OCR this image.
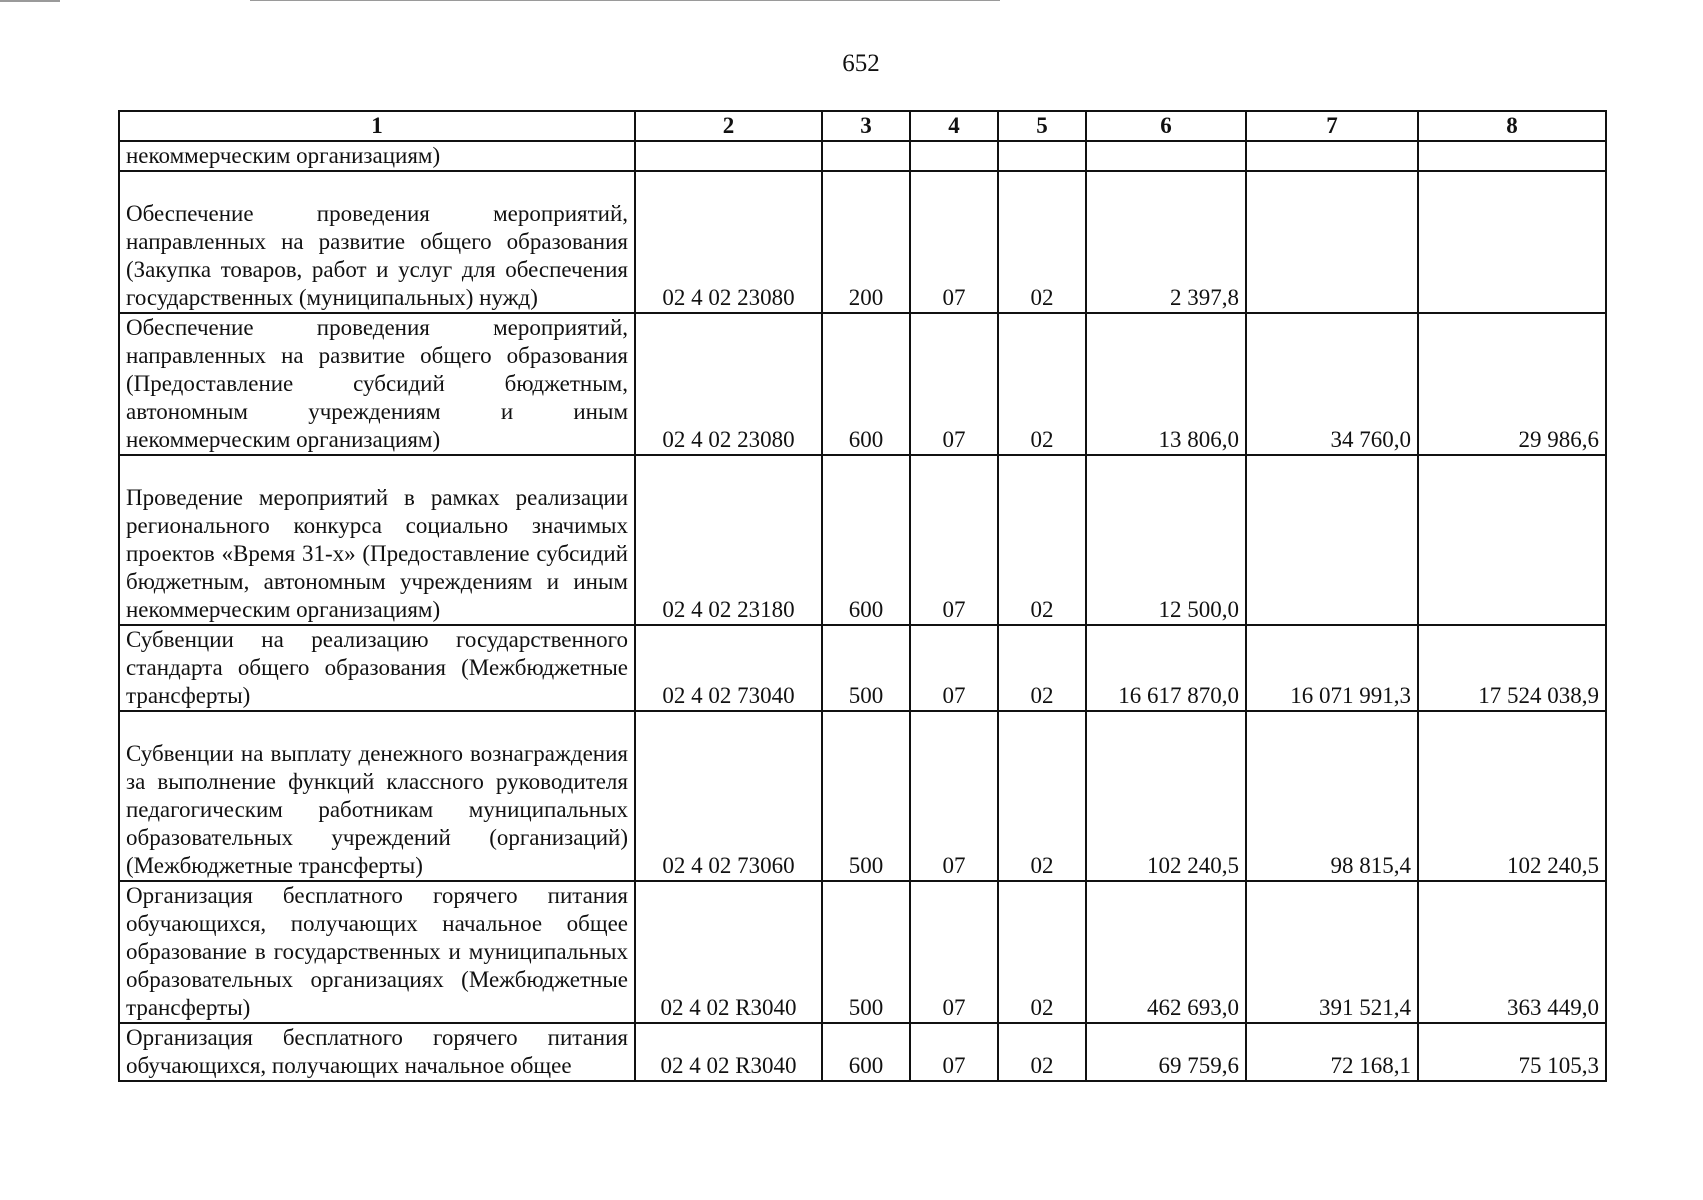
652
1	2	3	4	5	6	7	8
некоммерческим организациям)							
Обеспечение проведения мероприятий, направленных на развитие общего образования (Закупка товаров, работ и услуг для обеспечения государственных (муниципальных) нужд)	02 4 02 23080	200	07	02	2 397,8		
Обеспечение проведения мероприятий, направленных на развитие общего образования (Предоставление субсидий бюджетным, автономным учреждениям и иным некоммерческим организациям)	02 4 02 23080	600	07	02	13 806,0	34 760,0	29 986,6
Проведение мероприятий в рамках реализации регионального конкурса социально значимых проектов «Время 31-х» (Предоставление субсидий бюджетным, автономным учреждениям и иным некоммерческим организациям)	02 4 02 23180	600	07	02	12 500,0		
Субвенции на реализацию государственного стандарта общего образования (Межбюджетные трансферты)	02 4 02 73040	500	07	02	16 617 870,0	16 071 991,3	17 524 038,9
Субвенции на выплату денежного вознаграждения за выполнение функций классного руководителя педагогическим работникам муниципальных образовательных учреждений (организаций) (Межбюджетные трансферты)	02 4 02 73060	500	07	02	102 240,5	98 815,4	102 240,5
Организация бесплатного горячего питания обучающихся, получающих начальное общее образование в государственных и муниципальных образовательных организациях (Межбюджетные трансферты)	02 4 02 R3040	500	07	02	462 693,0	391 521,4	363 449,0
Организация бесплатного горячего питания обучающихся, получающих начальное общее	02 4 02 R3040	600	07	02	69 759,6	72 168,1	75 105,3
